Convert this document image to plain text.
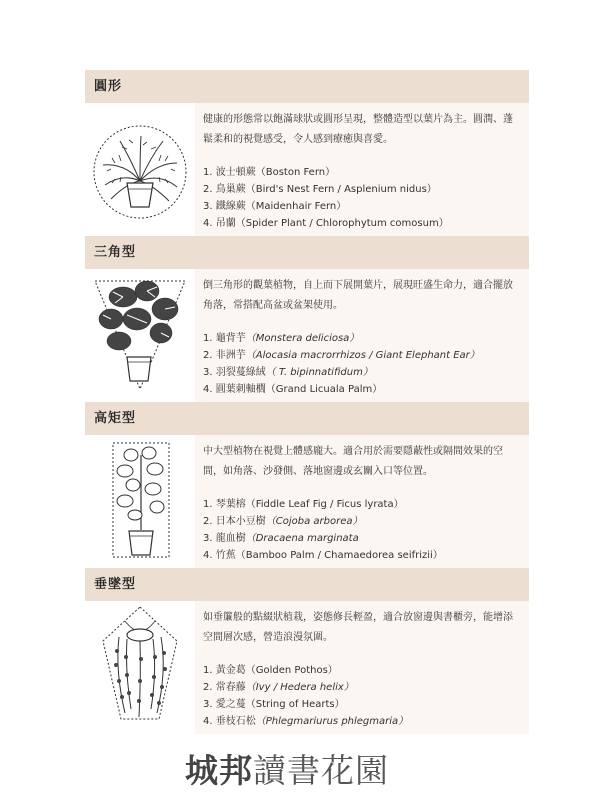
圓形

健康的形態常以飽滿球狀或圓形呈現，整體造型以葉片為主。圓潤、蓬鬆柔和的視覺感受，令人感到療癒與喜愛。

1. 波士頓蕨（Boston Fern）
2. 鳥巢蕨（Bird's Nest Fern / Asplenium nidus）
3. 鐵線蕨（Maidenhair Fern）
4. 吊蘭（Spider Plant / Chlorophytum comosum）
三角型

倒三角形的觀葉植物，自上而下展開葉片，展現旺盛生命力，適合擺放角落，常搭配高盆或盆架使用。

1. 龜背芋（Monstera deliciosa）
2. 非洲芋（Alocasia macrorrhizos / Giant Elephant Ear）
3. 羽裂蔓綠絨（ T. bipinnatifidum）
4. 圓葉刺軸櫚（Grand Licuala Palm）
高矩型

中大型植物在視覺上體感龐大。適合用於需要隱蔽性或隔間效果的空間，如角落、沙發側、落地窗邊或玄關入口等位置。

1. 琴葉榕（Fiddle Leaf Fig / Ficus lyrata）
2. 日本小豆樹（Cojoba arborea）
3. 龍血樹（Dracaena marginata
4. 竹蕉（Bamboo Palm / Chamaedorea seifrizii）
垂墜型

如垂簾般的點綴狀植栽，姿態修長輕盈，適合放窗邊與書櫃旁，能增添空間層次感，營造浪漫氛圍。

1. 黃金葛（Golden Pothos）
2. 常春藤（Ivy / Hedera helix）
3. 愛之蔓（String of Hearts）
4. 垂枝石松（Phlegmariurus phlegmaria）
城邦讀書花園
